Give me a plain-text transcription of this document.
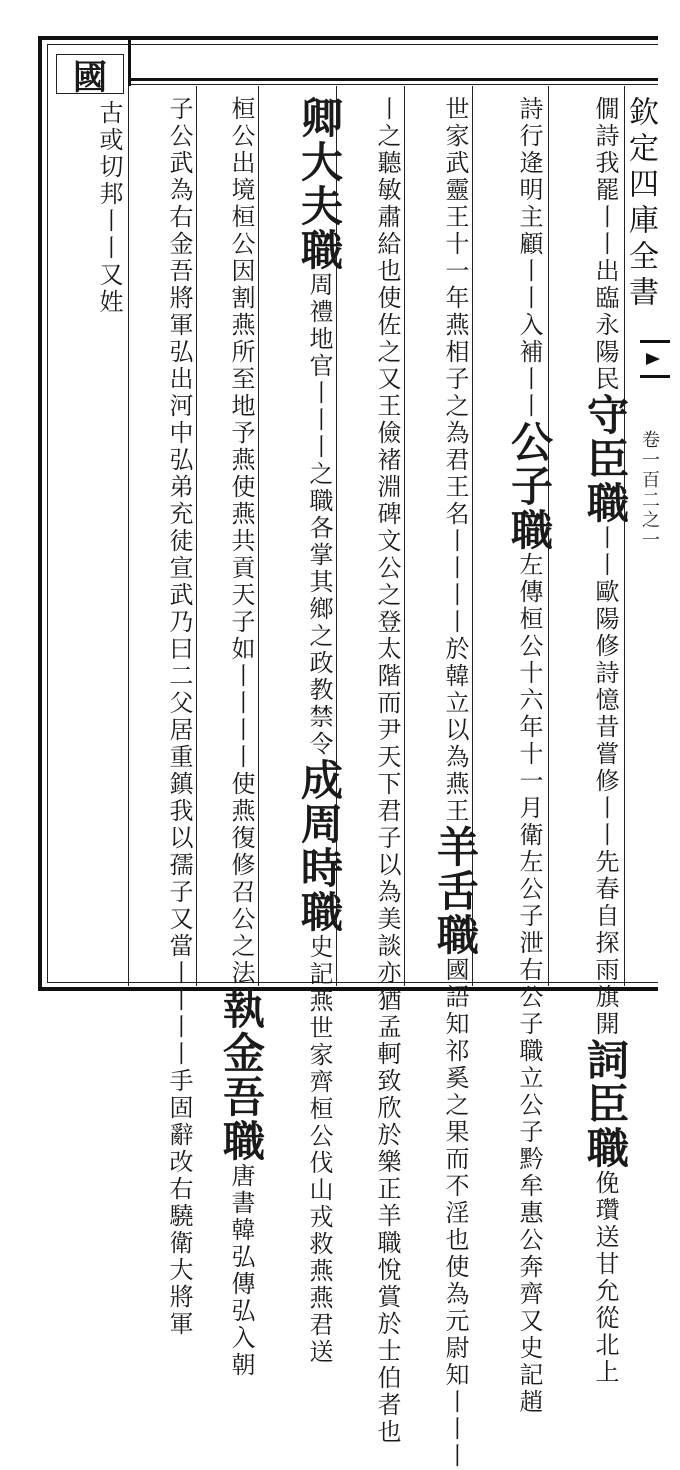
國
欽定四庫全書
卷一百二之一
僩詩我罷丨丨出臨永陽民守臣職丨丨歐陽修詩憶昔嘗修丨丨先春自探雨旗開詞臣職俛瓚送甘允從北上
詩行逄明主顧丨丨入補丨丨公子職左傳桓公十六年十一月衛左公子泄右公子職立公子黔牟惠公奔齊又史記趙
世家武靈王十一年燕相子之為君王名丨丨丨丨於韓立以為燕王羊舌職國語知祁奚之果而不淫也使為元尉知丨丨丨
丨之聽敏肅給也使佐之又王儉褚淵碑文公之登太階而尹天下君子以為美談亦猶孟軻致欣於樂正羊職悅賞於士伯者也
卿大夫職周禮地官丨丨丨之職各掌其鄉之政教禁令成周時職史記燕世家齊桓公伐山戎救燕燕君送
桓公出境桓公因割燕所至地予燕使燕共貢天子如丨丨丨丨使燕復修召公之法執金吾職唐書韓弘傳弘入朝
子公武為右金吾將軍弘出河中弘弟充徒宣武乃曰二父居重鎮我以孺子又當丨丨丨丨手固辭改右驍衛大將軍
古或切邦丨丨又姓
